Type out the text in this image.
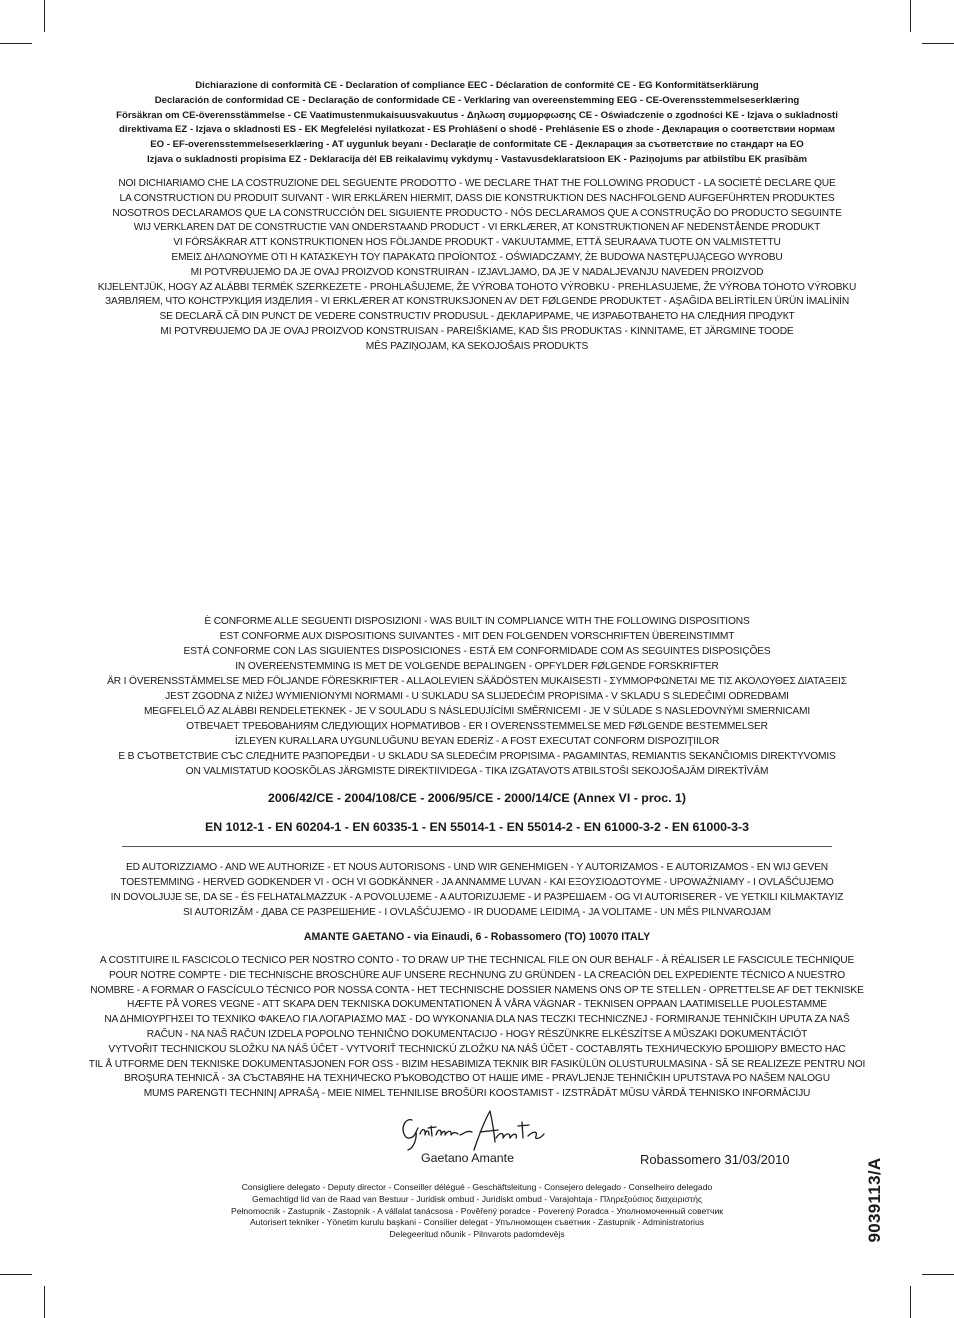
Dichiarazione di conformità CE - Declaration of compliance EEC - Déclaration de conformité CE - EG Konformitätserklärung
Declaración de conformidad CE - Declaração de conformidade CE - Verklaring van overeenstemming EEG - CE-Overensstemmelseserklæring
Försäkran om CE-överensstämmelse - CE Vaatimustenmukaisuusvakuutus - Δηλωση συμμορφωσης CE - Oświadczenie o zgodności KE - Izjava o sukladnosti
direktivama EZ - Izjava o skladnosti ES - EK Megfelelési nyilatkozat - ES Prohlášení o shodě - Prehlásenie ES o zhode - Декларация о соответствии нормам
EO - EF-overensstemmelseserklæring - AT uygunluk beyanı - Declaraţie de conformitate CE - Декларация за съответствие по стандарт на ЕО
Izjava o sukladnosti propisima EZ - Deklaracija dėl EB reikalavimų vykdymų - Vastavusdeklaratsioon EK - Paziņojums par atbilstību EK prasībām
NOI DICHIARIAMO CHE LA COSTRUZIONE DEL SEGUENTE PRODOTTO - WE DECLARE THAT THE FOLLOWING PRODUCT - LA SOCIETÉ DECLARE QUE
LA CONSTRUCTION DU PRODUIT SUIVANT - WIR ERKLÄREN HIERMIT, DASS DIE KONSTRUKTION DES NACHFOLGEND AUFGEFÜHRTEN PRODUKTES
NOSOTROS DECLARAMOS QUE LA CONSTRUCCIÓN DEL SIGUIENTE PRODUCTO - NÓS DECLARAMOS QUE A CONSTRUÇÃO DO PRODUCTO SEGUINTE
WIJ VERKLAREN DAT DE CONSTRUCTIE VAN ONDERSTAAND PRODUCT - VI ERKLÆRER, AT KONSTRUKTIONEN AF NEDENSTÅENDE PRODUKT
VI FÖRSÄKRAR ATT KONSTRUKTIONEN HOS FÖLJANDE PRODUKT - VAKUUTAMME, ETTÄ SEURAAVA TUOTE ON VALMISTETTU
ΕΜΕΙΣ ΔΗΛΩΝΟΥΜΕ ΟΤΙ Η ΚΑΤΑΣΚΕΥΗ ΤΟΥ ΠΑΡΑΚΑΤΩ ΠΡΟΪΟΝΤΟΣ - OŚWIADCZAMY, ŻE BUDOWA NASTĘPUJĄCEGO WYROBU
MI POTVRĐUJEMO DA JE OVAJ PROIZVOD KONSTRUIRAN - IZJAVLJAMO, DA JE V NADALJEVANJU NAVEDEN PROIZVOD
KIJELENTJÜK, HOGY AZ ALÁBBI TERMÉK SZERKEZETE - PROHLAŠUJEME, ŽE VÝROBA TOHOTO VÝROBKU - PREHLASUJEME, ŽE VÝROBA TOHOTO VÝROBKU
ЗАЯВЛЯЕМ, ЧТО КОНСТРУКЦИЯ ИЗДЕЛИЯ - VI ERKLÆRER AT KONSTRUKSJONEN AV DET FØLGENDE PRODUKTET - AŞAĞIDA BELİRTİLEN ÜRÜN İMALİNİN
SE DECLARĂ CĂ DIN PUNCT DE VEDERE CONSTRUCTIV PRODUSUL - ДЕКЛАРИРАМЕ, ЧЕ ИЗРАБОТВАНЕТО НА СЛЕДНИЯ ПРОДУКТ
MI POTVRĐUJEMO DA JE OVAJ PROIZVOD KONSTRUISAN - PAREIŠKIAME, KAD ŠIS PRODUKTAS - KINNITAME, ET JÄRGMINE TOODE
MĒS PAZIŅOJAM, KA SEKOJOŠAIS PRODUKTS
È CONFORME ALLE SEGUENTI DISPOSIZIONI - WAS BUILT IN COMPLIANCE WITH THE FOLLOWING DISPOSITIONS
EST CONFORME AUX DISPOSITIONS SUIVANTES - MIT DEN FOLGENDEN VORSCHRIFTEN ÜBEREINSTIMMT
ESTÁ CONFORME CON LAS SIGUIENTES DISPOSICIONES - ESTÁ EM CONFORMIDADE COM AS SEGUINTES DISPOSIÇÕES
IN OVEREENSTEMMING IS MET DE VOLGENDE BEPALINGEN - OPFYLDER FØLGENDE FORSKRIFTER
ÄR I ÖVERENSSTÄMMELSE MED FÖLJANDE FÖRESKRIFTER - ALLAOLEVIEN SÄÄDÖSTEN MUKAISESTI - ΣΥΜΜΟΡΦΩΝΕΤΑΙ ΜΕ ΤΙΣ ΑΚΟΛΟΥΘΕΣ ΔΙΑΤΑΞΕΙΣ
JEST ZGODNA Z NIŻEJ WYMIENIONYMI NORMAMI - U SUKLADU SA SLIJEDEĆIM PROPISIMA - V SKLADU S SLEDEČIMI ODREDBAMI
MEGFELELŐ AZ ALÁBBI RENDELETEKNEK - JE V SOULADU S NÁSLEDUJÍCÍMI SMĚRNICEMI - JE V SÚLADE S NASLEDOVNÝMI SMERNICAMI
ОТВЕЧАЕТ ТРЕБОВАНИЯМ СЛЕДУЮЩИХ НОРМАТИВОВ - ER I OVERENSSTEMMELSE MED FØLGENDE BESTEMMELSER
İZLEYEN KURALLARA UYGUNLUĞUNU BEYAN EDERİZ - A FOST EXECUTAT CONFORM DISPOZIŢIILOR
Е В СЪОТВЕТСТВИЕ СЪС СЛЕДНИТЕ РАЗПОРЕДБИ - U SKLADU SA SLEDEĆIM PROPISIMA - PAGAMINTAS, REMIANTIS SEKANČIOMIS DIREKTYVOMIS
ON VALMISTATUD KOOSKÕLAS JÄRGMISTE DIREKTIIVIDEGA - TIKA IZGATAVOTS ATBILSTOŠI SEKOJOŠAJĀM DIREKTĪVĀM
2006/42/CE - 2004/108/CE - 2006/95/CE - 2000/14/CE (Annex VI - proc. 1)
EN 1012-1 - EN 60204-1 - EN 60335-1 - EN 55014-1 - EN 55014-2 - EN 61000-3-2 - EN 61000-3-3
ED AUTORIZZIAMO - AND WE AUTHORIZE - ET NOUS AUTORISONS - UND WIR GENEHMIGEN - Y AUTORIZAMOS - E AUTORIZAMOS - EN WIJ GEVEN
TOESTEMMING - HERVED GODKENDER VI - OCH VI GODKÄNNER - JA ANNAMME LUVAN - ΚΑΙ ΕΞΟΥΣΙΟΔΟΤΟΥΜΕ - UPOWAŻNIAMY - I OVLAŠĆUJEMO
IN DOVOLJUJE SE, DA SE - ÉS FELHATALMAZZUK - A POVOLUJEME - A AUTORIZUJEME - И РАЗРЕШАЕМ - OG VI AUTORISERER - VE YETKILI KILMAKTAYIZ
SI AUTORIZĂM - ДАВА СЕ РАЗРЕШЕНИЕ - I OVLAŠĆUJEMO - IR DUODAME LEIDIMĄ - JA VOLITAME - UN MĒS PILNVAROJAM
AMANTE GAETANO - via Einaudi, 6 - Robassomero (TO) 10070 ITALY
A COSTITUIRE IL FASCICOLO TECNICO PER NOSTRO CONTO - TO DRAW UP THE TECHNICAL FILE ON OUR BEHALF - À RÉALISER LE FASCICULE TECHNIQUE
POUR NOTRE COMPTE - DIE TECHNISCHE BROSCHÜRE AUF UNSERE RECHNUNG ZU GRÜNDEN - LA CREACIÓN DEL EXPEDIENTE TÉCNICO A NUESTRO
NOMBRE - A FORMAR O FASCÍCULO TÉCNICO POR NOSSA CONTA - HET TECHNISCHE DOSSIER NAMENS ONS OP TE STELLEN - OPRETTELSE AF DET TEKNISKE
HÆFTE PÅ VORES VEGNE - ATT SKAPA DEN TEKNISKA DOKUMENTATIONEN Å VÅRA VÄGNAR - TEKNISEN OPPAAN LAATIMISELLE PUOLESTAMME
ΝΑ ΔΗΜΙΟΥΡΓΗΣΕΙ ΤΟ ΤΕΧΝΙΚΟ ΦΑΚΕΛΟ ΓΙΑ ΛΟΓΑΡΙΑΣΜΟ ΜΑΣ - DO WYKONANIA DLA NAS TECZKI TECHNICZNEJ - FORMIRANJE TEHNIČKIH UPUTA ZA NAŠ
RAČUN - NA NAŠ RAČUN IZDELA POPOLNO TEHNIČNO DOKUMENTACIJO - HOGY RÉSZÜNKRE ELKÉSZÍTSE A MŰSZAKI DOKUMENTÁCIÓT
VYTVOŘIT TECHNICKOU SLOŽKU NA NÁŠ ÚČET - VYTVORIŤ TECHNICKÚ ZLOŽKU NA NÁŠ ÚČET - СОСТАВЛЯТЬ ТЕХНИЧЕСКУЮ БРОШЮРУ ВМЕСТО НАС
TIL Å UTFORME DEN TEKNISKE DOKUMENTASJONEN FOR OSS - BIZIM HESABIMIZA TEKNIK BIR FASIKÜLÜN OLUSTURULMASINA - SĂ SE REALIZEZE PENTRU NOI
BROŞURA TEHNICĂ - ЗА СЪСТАВЯНЕ НА ТЕХНИЧЕСКО РЪКОВОДСТВО ОТ НАШЕ ИМЕ - PRAVLJENJE TEHNIČKIH UPUTSTAVA PO NAŠEM NALOGU
MUMS PARENGTI TECHNINĮ APRAŠĄ - MEIE NIMEL TEHNILISE BROŠÜRI KOOSTAMIST - IZSTRĀDĀT MŪSU VĀRDĀ TEHNISKO INFORMĀCIJU
Gaetano Amante	Robassomero 31/03/2010
Consigliere delegato - Deputy director - Conseiller délégué - Geschäftsleitung - Consejero delegado - Conselheiro delegado
Gemachtigd lid van de Raad van Bestuur - Juridisk ombud - Juridiskt ombud - Varajohtaja - Πληρεξούσιος διαχειριστής
Pełnomocnik - Zastupnik - Zastopnik - A vállalat tanácsosa - Pověřený poradce - Poverený Poradca - Уполномоченный советчик
Autorisert tekniker - Yönetim kurulu başkani - Consilier delegat - Упълномощен съветник - Zastupnik - Administratorius
Delegeeritud nõunik - Pilnvarots padomdevējs	9039113/A
